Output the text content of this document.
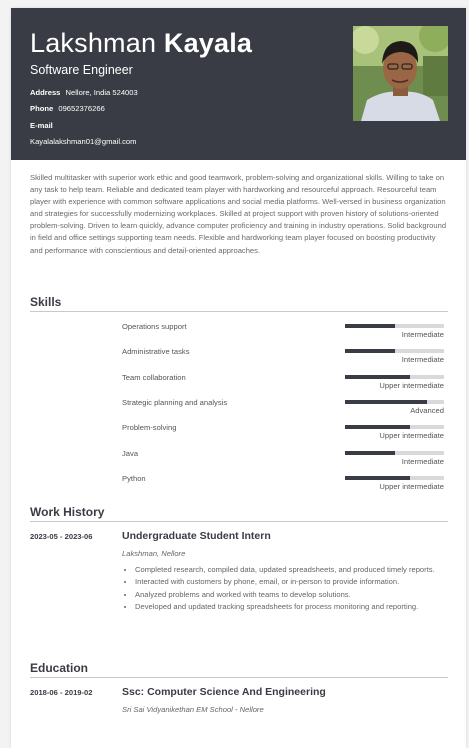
Lakshman Kayala
Software Engineer
Address Nellore, India 524003
Phone 09652376266
E-mail
Kayalalakshman01@gmail.com
Skilled multitasker with superior work ethic and good teamwork, problem-solving and organizational skills. Willing to take on any task to help team. Reliable and dedicated team player with hardworking and resourceful approach. Resourceful team player with experience with common software applications and social media platforms. Well-versed in business organization and strategies for successfully modernizing workplaces. Skilled at project support with proven history of solutions-oriented problem-solving. Driven to learn quickly, advance computer proficiency and training in industry operations. Solid background in field and office settings supporting team needs. Flexible and hardworking team player focused on boosting productivity and performance with conscientious and detail-oriented approaches.
Skills
Operations support
Intermediate
Administrative tasks
Intermediate
Team collaboration
Upper intermediate
Strategic planning and analysis
Advanced
Problem-solving
Upper intermediate
Java
Intermediate
Python
Upper intermediate
Work History
2023-05 - 2023-06	Undergraduate Student Intern
Lakshman, Nellore
• Completed research, compiled data, updated spreadsheets, and produced timely reports.
• Interacted with customers by phone, email, or in-person to provide information.
• Analyzed problems and worked with teams to develop solutions.
• Developed and updated tracking spreadsheets for process monitoring and reporting.
Education
2018-06 - 2019-02	Ssc: Computer Science And Engineering
Sri Sai Vidyanikethan EM School - Nellore
